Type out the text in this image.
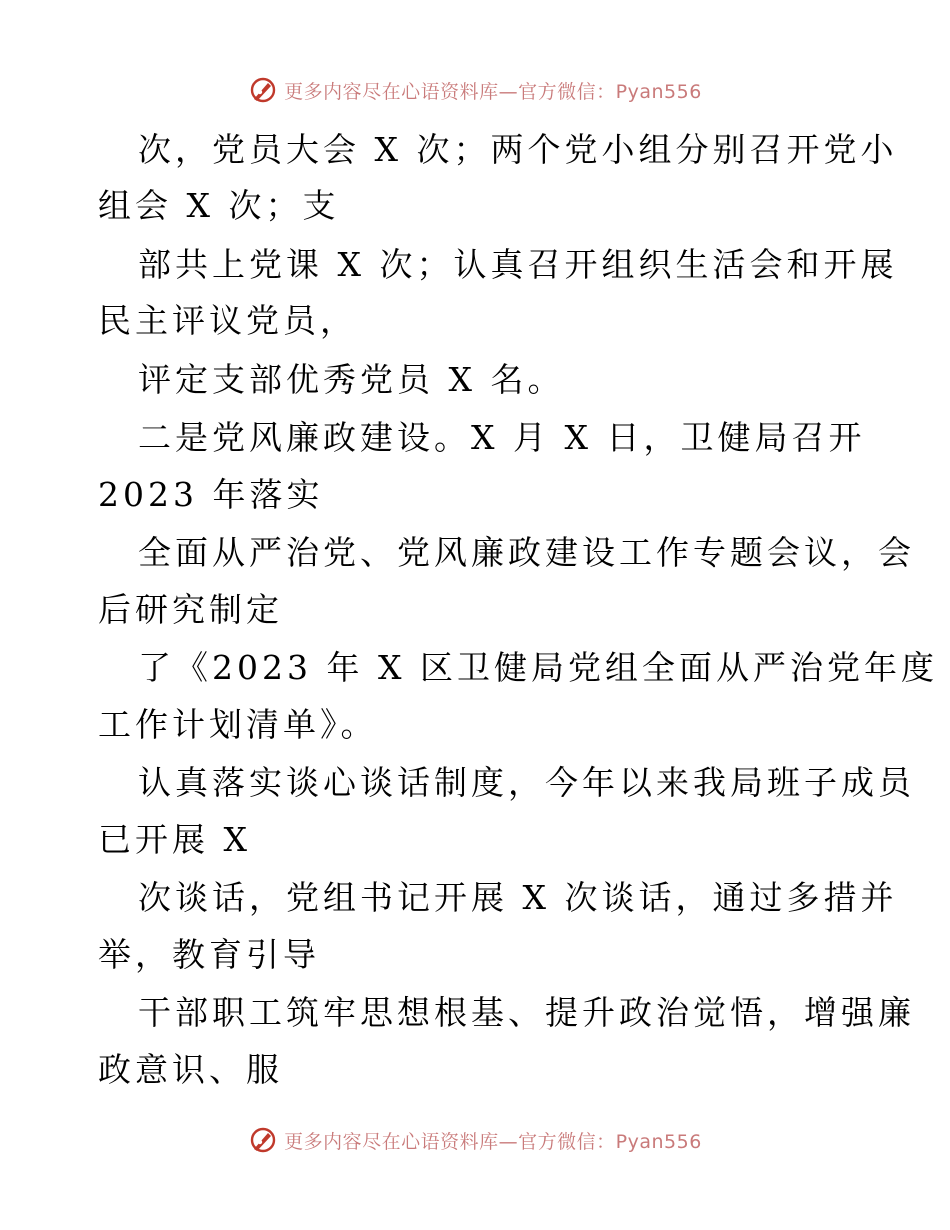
更多内容尽在心语资料库—官方微信：Pyan556
次，党员大会 X 次；两个党小组分别召开党小
组会 X 次；支
部共上党课 X 次；认真召开组织生活会和开展
民主评议党员，
评定支部优秀党员 X 名。
二是党风廉政建设。X 月 X 日，卫健局召开
2023 年落实
全面从严治党、党风廉政建设工作专题会议，会
后研究制定
了《2023 年 X 区卫健局党组全面从严治党年度
工作计划清单》。
认真落实谈心谈话制度，今年以来我局班子成员
已开展 X
次谈话，党组书记开展 X 次谈话，通过多措并
举，教育引导
干部职工筑牢思想根基、提升政治觉悟，增强廉
政意识、服
更多内容尽在心语资料库—官方微信：Pyan556
